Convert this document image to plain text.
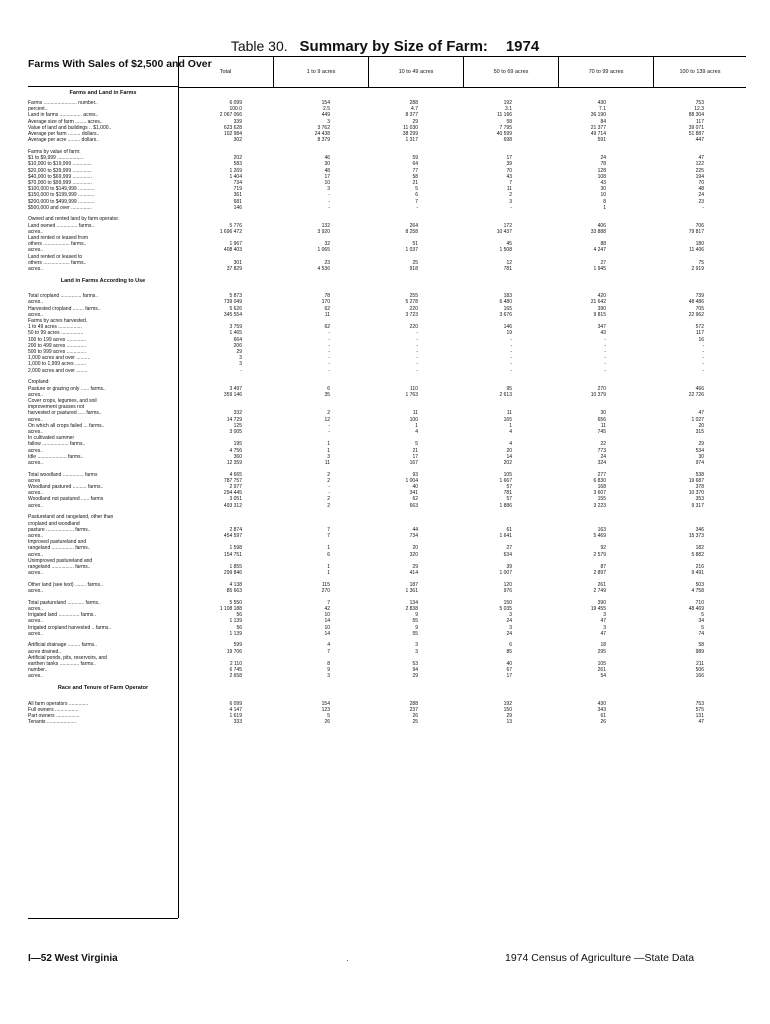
Table 30. Summary by Size of Farm: 1974
Farms With Sales of $2,500 and Over
Total	1 to 9 acres	10 to 49 acres	50 to 69 acres	70 to 99 acres	100 to 139 acres
Farms and Land in Farms
Farms ........................ number..	6 099	154	288	192	430	753
percent..	100.0	2.5	4.7	3.1	7.1	12.3
Land in farms ................ acres..	2 067 066	449	8 377	11 166	36 190	88 304
Average size of farm ........ acres..	339	3	29	58	84	117
Value of land and buildings .. $1,000..	623 628	3 762	11 030	7 795	21 377	39 071
Average per farm ......... dollars..	102 984	24 438	38 299	40 599	49 714	51 887
Average per acre ......... dollars..	302	8 379	1 317	698	591	447
Farms by value of farm:
$1 to $9,999 ...................	202	46	59	17	24	47
$10,000 to $19,999 ..............	583	30	64	39	78	122
$20,000 to $39,999 ..............	1 269	48	77	70	128	225
$40,000 to $69,999 ..............	1 404	17	58	43	108	194
$70,000 to $99,999 ..............	734	10	21	7	43	70
$100,000 to $149,999 ............	719	3	5	11	30	48
$150,000 to $199,999 ............	361	-	6	2	10	24
$200,000 to $499,999 ............	681	-	7	3	8	23
$500,000 and over ...............	146	-	-	-	1	-
Owned and rented land by farm operator.
Land owned ............... farms..	5 776	132	264	172	406	706
acres..	1 696 472	3 920	8 258	10 437	33 888	79 817
Land rented or leased from
others ................... farms..	1 967	32	51	45	88	180
acres..	408 403	1 065	1 037	1 508	4 247	11 406
Land rented or leased to
others ................... farms..	301	23	25	12	27	75
acres..	37 829	4 536	918	781	1 945	2 919
Land in Farms According to Use
Total cropland ............... farms..	5 873	78	255	183	420	739
acres..	739 049	170	5 278	6 480	21 642	48 486
Harvested cropland ........ farms..	5 626	62	220	165	390	705
acres..	345 554	11	3 723	3 676	9 815	22 962
Farms by acres harvested.
1 to 49 acres .................	3 759	62	220	146	347	572
50 to 99 acres ................	1 465	-	-	19	43	117
100 to 199 acres ..............	664	-	-	-	-	16
200 to 499 acres ..............	206	-	-	-	-	-
500 to 999 acres ..............	29	-	-	-	-	-
1,000 acres and over ..........	3	-	-	-	-	-
1,000 to 1,999 acres ........	3	-	-	-	-	-
2,000 acres and over ........	-	-	-	-	-	-
Cropland:
Pasture or grazing only ...... farms..	3 497	6	110	95	270	466
acres..	359 146	35	1 763	2 613	10 379	22 726
Cover crops, legumes, and soil
improvement grasses not
harvested or pastured ..... farms..	332	2	11	11	30	47
acres..	14 729	12	100	165	656	1 027
On which all crops failed ... farms..	125	-	1	1	11	20
acres..	3 005	-	4	4	745	315
In cultivated summer
fallow ................... farms..	195	1	5	4	22	29
acres..	4 756	1	21	20	773	534
Idle ..................... farms..	360	3	17	14	24	30
acres..	12 359	11	167	202	324	974
Total woodland ............... farms	4 665	2	93	105	277	538
acres	787 757	2	1 004	1 667	6 830	19 687
Woodland pastured .......... farms..	2 977	-	40	57	168	378
acres..	294 445	-	341	781	3 607	10 370
Woodland not pastured ...... farms	3 051	2	62	57	155	353
acres..	493 312	2	663	1 886	3 223	9 317
Pastureland and rangeland, other than
cropland and woodland
pasture .................... farms..	2 874	7	44	61	163	346
acres..	454 597	7	734	1 641	5 469	15 373
Improved pastureland and
rangeland ................ farms..	1 598	1	20	27	92	182
acres..	154 751	6	320	634	2 579	5 882
Unimproved pastureland and
rangeland ................ farms..	1 855	1	29	39	87	216
acres..	299 846	1	414	1 007	2 897	9 491
Other land (see text) ........ farms..	4 138	115	187	120	261	503
acres..	85 663	270	1 361	976	2 749	4 758
Total pastureland ............ farms..	5 550	7	134	150	390	710
acres..	1 108 188	42	2 838	5 035	19 455	48 469
Irrigated land ............... farms..	56	10	9	3	3	5
acres..	1 139	14	55	24	47	34
Irrigated cropland harvested .. farms..	56	10	9	3	3	5
acres..	1 139	14	55	24	47	74
Artificial drainage ......... farms..	599	4	3	6	18	58
acres drained..	19 706	7	3	85	295	989
Artificial ponds, pits, reservoirs, and
earthen tanks .............. farms..	2 110	8	53	40	105	211
number..	6 745	9	94	67	261	506
acres..	2 658	3	29	17	54	166
Race and Tenure of Farm Operator
All farm operators ..............	6 099	154	288	192	430	753
Full owners .................	4 147	123	237	150	343	575
Part owners .................	1 619	5	26	29	61	131
Tenants .....................	333	26	25	13	26	47
I—52 West Virginia	·	1974 Census of Agriculture —State Data
